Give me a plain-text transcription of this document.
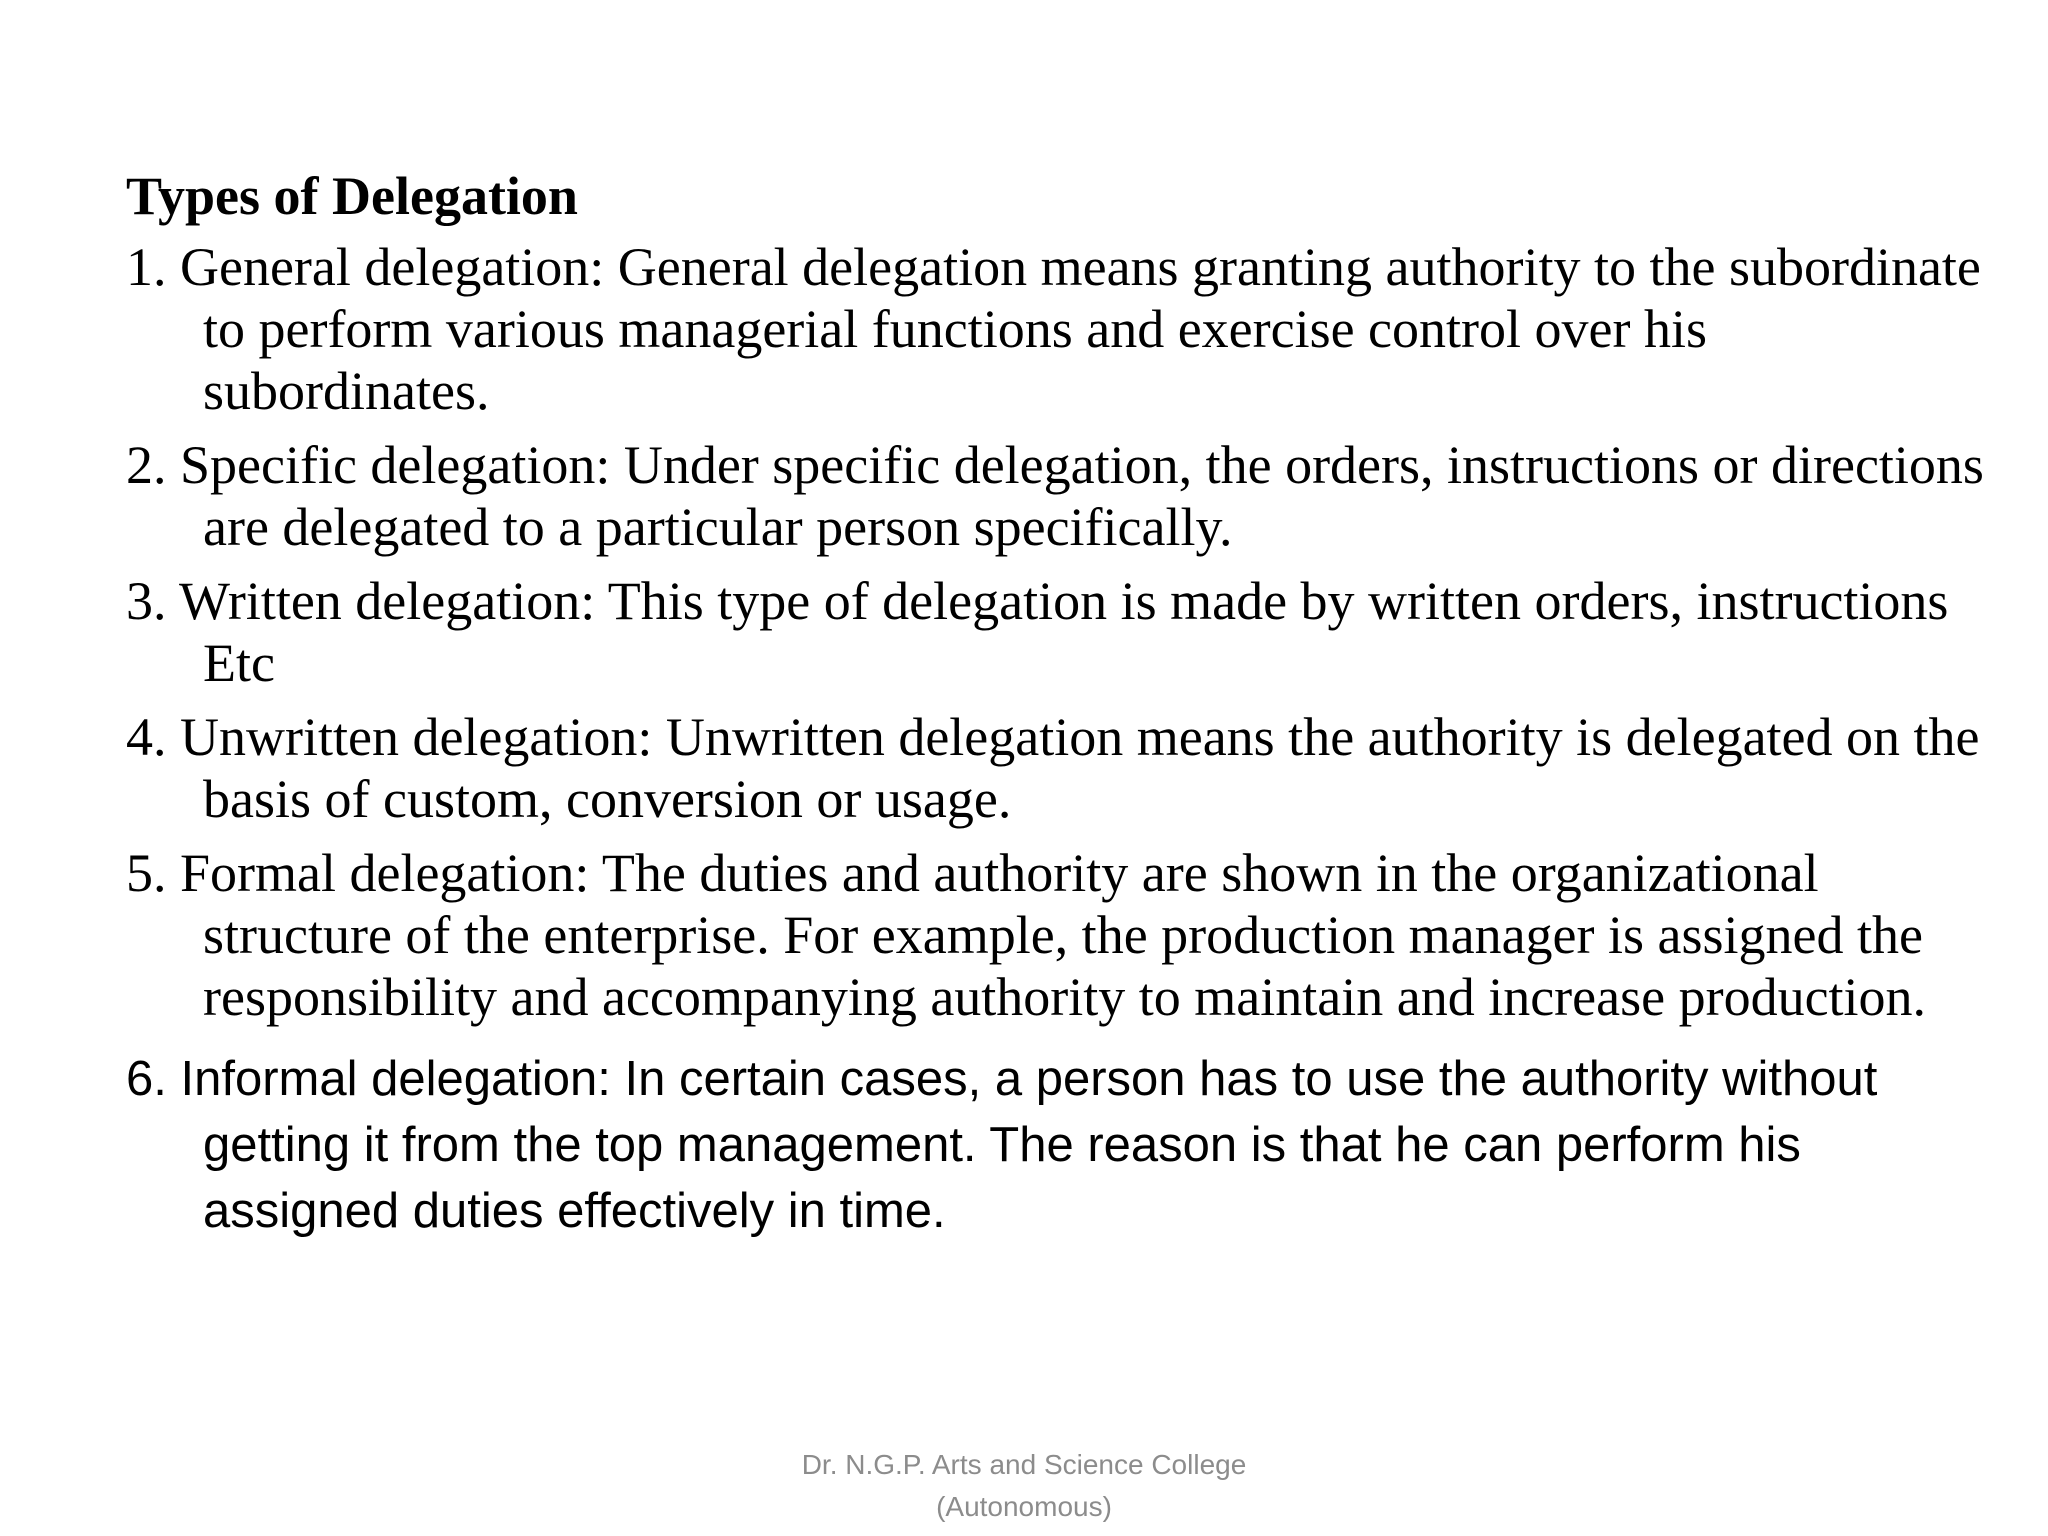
Types of Delegation
1. General delegation: General delegation means granting authority to the subordinate to perform various managerial functions and exercise control over his subordinates.
2. Specific delegation: Under specific delegation, the orders, instructions or directions are delegated to a particular person specifically.
3. Written delegation: This type of delegation is made by written orders, instructions Etc
4. Unwritten delegation: Unwritten delegation means the authority is delegated on the basis of custom, conversion or usage.
5. Formal delegation: The duties and authority are shown in the organizational structure of the enterprise. For example, the production manager is assigned the responsibility and accompanying authority to maintain and increase production.
6. Informal delegation: In certain cases, a person has to use the authority without getting it from the top management. The reason is that he can perform his assigned duties effectively in time.
Dr. N.G.P. Arts and Science College
(Autonomous)
